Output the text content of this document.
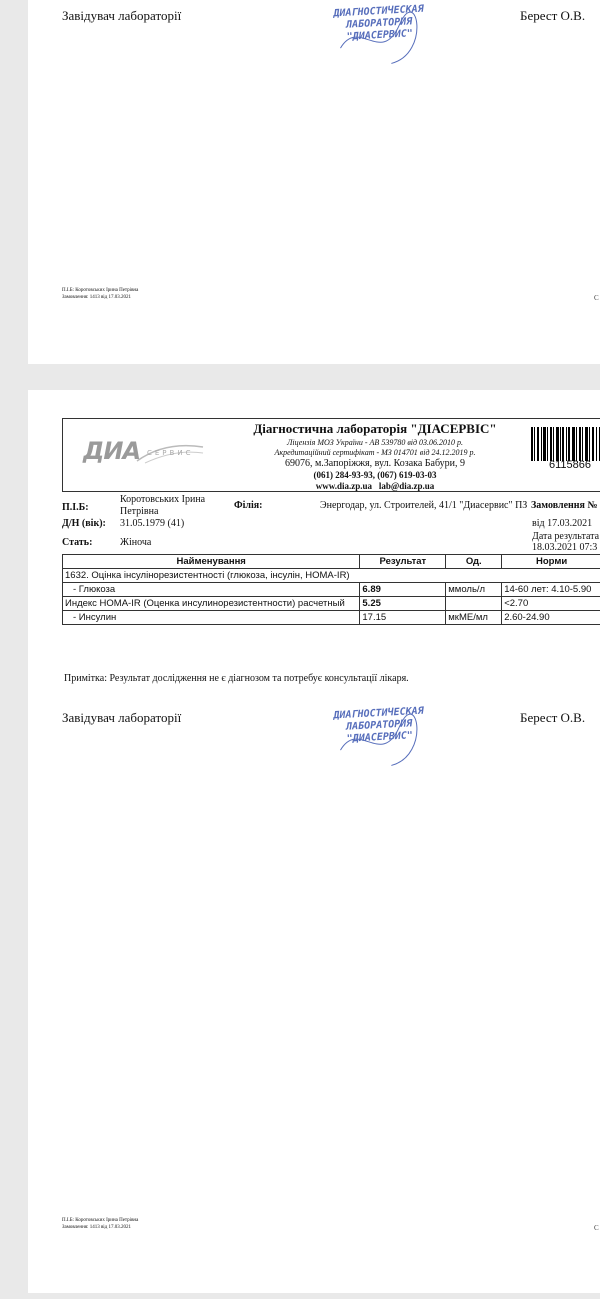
Завідувач лабораторії	ДИАГНОСТИЧЕСКАЯ
ЛАБОРАТОРИЯ
"ДИАСЕРВИС"
Берест О.В.
П.І.Б: Коротовських Ірина Петрівна
Замовлення: 1413 від 17.03.2021	С
ДИА СЕРВИС
Діагностична лабораторія "ДІАСЕРВІС"
Ліцензія МОЗ України - АВ 539780 від 03.06.2010 р.
Акредитаційний сертифікат - МЗ 014701 від 24.12.2019 р.
69076, м.Запоріжжя, вул. Козака Бабури, 9
(061) 284-93-93, (067) 619-03-03
www.dia.zp.ua lab@dia.zp.ua
6115866
П.І.Б:
Коротовських Ірина Петрівна
Філія:	Энергодар, ул. Строителей, 41/1 "Диасервис" ПЗ Замовлення №
Д/Н (вік): 31.05.1979 (41)	від 17.03.2021
Стать:	Жіноча
Дата результата
18.03.2021 07:3
Найменування	Результат	Од.	Норми
1632. Оцінка інсулінорезистентності (глюкоза, інсулін, HOMA-IR)			
- Глюкоза	6.89	ммоль/л	14-60 лет: 4.10-5.90
Индекс HOMA-IR (Оценка инсулинорезистентности) расчетный	5.25		<2.70
- Инсулин	17.15	мкМЕ/мл	2.60-24.90
Примітка: Результат дослідження не є діагнозом та потребує консультації лікаря.
Завідувач лабораторії	ДИАГНОСТИЧЕСКАЯ
ЛАБОРАТОРИЯ
"ДИАСЕРВИС"
Берест О.В.
П.І.Б: Коротовських Ірина Петрівна
Замовлення: 1413 від 17.03.2021	С
